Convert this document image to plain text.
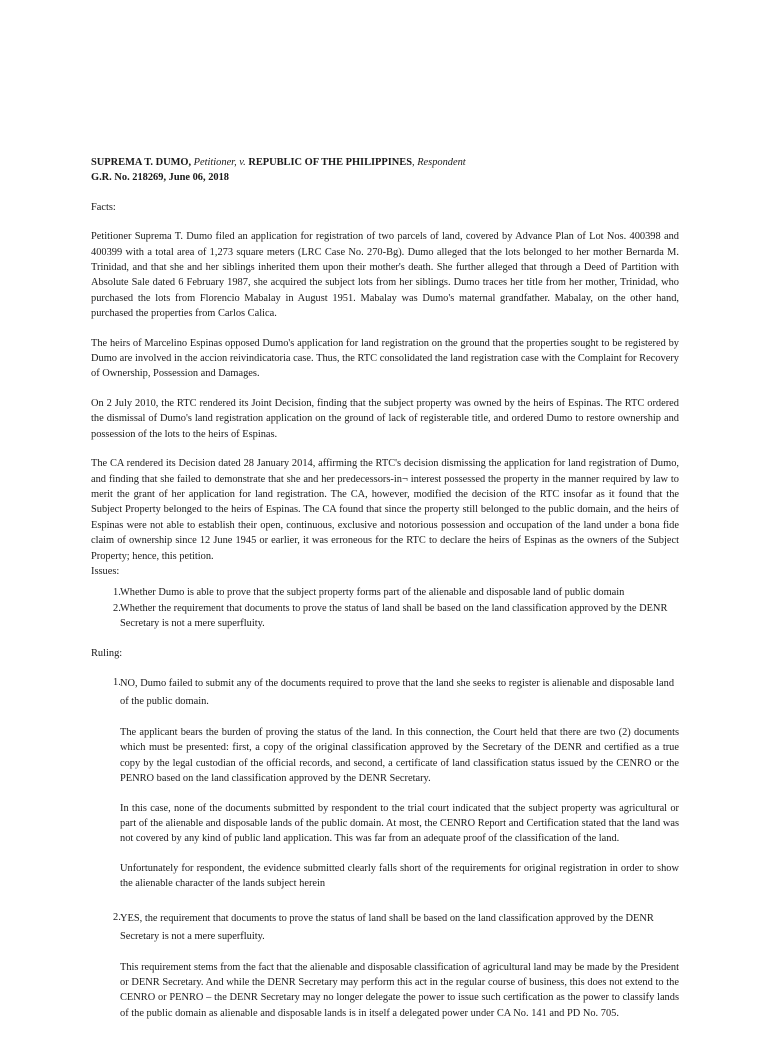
SUPREMA T. DUMO, Petitioner, v. REPUBLIC OF THE PHILIPPINES, Respondent
G.R. No. 218269, June 06, 2018

Facts:

Petitioner Suprema T. Dumo filed an application for registration of two parcels of land, covered by Advance Plan of Lot Nos. 400398 and 400399 with a total area of 1,273 square meters (LRC Case No. 270-Bg). Dumo alleged that the lots belonged to her mother Bernarda M. Trinidad, and that she and her siblings inherited them upon their mother's death. She further alleged that through a Deed of Partition with Absolute Sale dated 6 February 1987, she acquired the subject lots from her siblings. Dumo traces her title from her mother, Trinidad, who purchased the lots from Florencio Mabalay in August 1951. Mabalay was Dumo's maternal grandfather. Mabalay, on the other hand, purchased the properties from Carlos Calica.

The heirs of Marcelino Espinas opposed Dumo's application for land registration on the ground that the properties sought to be registered by Dumo are involved in the accion reivindicatoria case. Thus, the RTC consolidated the land registration case with the Complaint for Recovery of Ownership, Possession and Damages.

On 2 July 2010, the RTC rendered its Joint Decision, finding that the subject property was owned by the heirs of Espinas. The RTC ordered the dismissal of Dumo's land registration application on the ground of lack of registerable title, and ordered Dumo to restore ownership and possession of the lots to the heirs of Espinas.

The CA rendered its Decision dated 28 January 2014, affirming the RTC's decision dismissing the application for land registration of Dumo, and finding that she failed to demonstrate that she and her predecessors-in¬ interest possessed the property in the manner required by law to merit the grant of her application for land registration. The CA, however, modified the decision of the RTC insofar as it found that the Subject Property belonged to the heirs of Espinas. The CA found that since the property still belonged to the public domain, and the heirs of Espinas were not able to establish their open, continuous, exclusive and notorious possession and occupation of the land under a bona fide claim of ownership since 12 June 1945 or earlier, it was erroneous for the RTC to declare the heirs of Espinas as the owners of the Subject Property; hence, this petition.

Issues:

1. Whether Dumo is able to prove that the subject property forms part of the alienable and disposable land of public domain
2. Whether the requirement that documents to prove the status of land shall be based on the land classification approved by the DENR Secretary is not a mere superfluity.

Ruling:

1. NO, Dumo failed to submit any of the documents required to prove that the land she seeks to register is alienable and disposable land of the public domain.

The applicant bears the burden of proving the status of the land. In this connection, the Court held that there are two (2) documents which must be presented: first, a copy of the original classification approved by the Secretary of the DENR and certified as a true copy by the legal custodian of the official records, and second, a certificate of land classification status issued by the CENRO or the PENRO based on the land classification approved by the DENR Secretary.

In this case, none of the documents submitted by respondent to the trial court indicated that the subject property was agricultural or part of the alienable and disposable lands of the public domain. At most, the CENRO Report and Certification stated that the land was not covered by any kind of public land application. This was far from an adequate proof of the classification of the land.

Unfortunately for respondent, the evidence submitted clearly falls short of the requirements for original registration in order to show the alienable character of the lands subject herein

2. YES, the requirement that documents to prove the status of land shall be based on the land classification approved by the DENR Secretary is not a mere superfluity.

This requirement stems from the fact that the alienable and disposable classification of agricultural land may be made by the President or DENR Secretary. And while the DENR Secretary may perform this act in the regular course of business, this does not extend to the CENRO or PENRO – the DENR Secretary may no longer delegate the power to issue such certification as the power to classify lands of the public domain as alienable and disposable lands is in itself a delegated power under CA No. 141 and PD No. 705.
